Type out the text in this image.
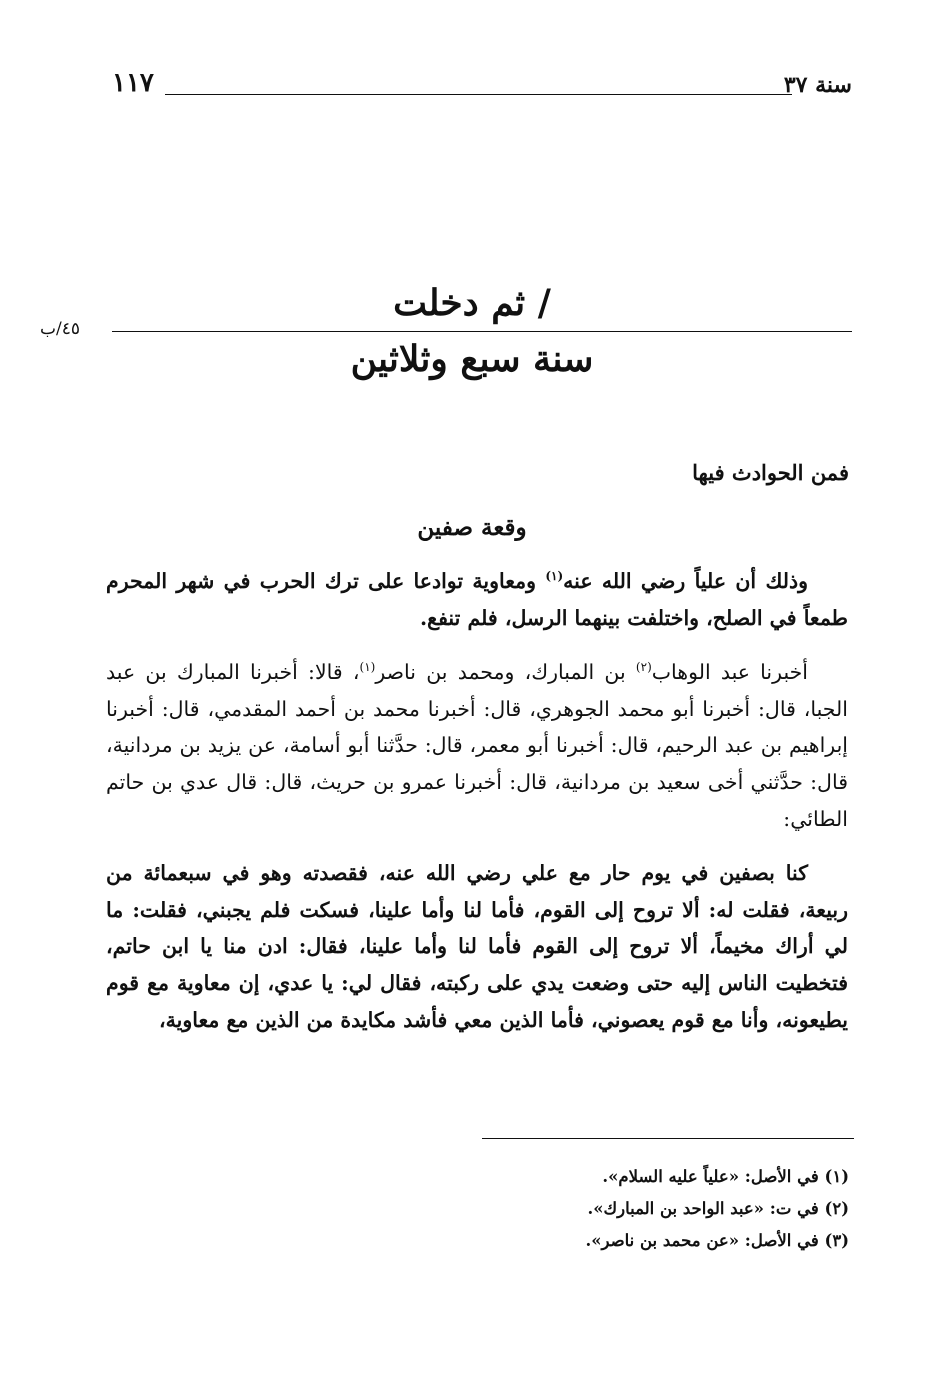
سنة ٣٧
١١٧
/ ثم دخلت
٤٥/ب
سنة سبع وثلاثين
فمن الحوادث فيها
وقعة صفين

وذلك أن علياً رضي الله عنه$^{(١)}$ ومعاوية توادعا على ترك الحرب في شهر المحرم طمعاً في الصلح، واختلفت بينهما الرسل، فلم تنفع.

أخبرنا عبد الوهاب$^{(٢)}$ بن المبارك، ومحمد بن ناصر$^{(١)}$، قالا: أخبرنا المبارك بن عبد الجبا، قال: أخبرنا أبو محمد الجوهري، قال: أخبرنا محمد بن أحمد المقدمي، قال: أخبرنا إبراهيم بن عبد الرحيم، قال: أخبرنا أبو معمر، قال: حدَّثنا أبو أسامة، عن يزيد بن مردانية، قال: حدَّثني أخى سعيد بن مردانية، قال: أخبرنا عمرو بن حريث، قال: قال عدي بن حاتم الطائي:

كنا بصفين في يوم حار مع علي رضي الله عنه، فقصدته وهو في سبعمائة من ربيعة، فقلت له: ألا تروح إلى القوم، فأما لنا وأما علينا، فسكت فلم يجبني، فقلت: ما لي أراك مخيماً، ألا تروح إلى القوم فأما لنا وأما علينا، فقال: ادن منا يا ابن حاتم، فتخطيت الناس إليه حتى وضعت يدي على ركبته، فقال لي: يا عدي، إن معاوية مع قوم يطيعونه، وأنا مع قوم يعصوني، فأما الذين معي فأشد مكايدة من الذين مع معاوية،

(١) في الأصل: «علياً عليه السلام».

(٢) في ت: «عبد الواحد بن المبارك».

(٣) في الأصل: «عن محمد بن ناصر».
